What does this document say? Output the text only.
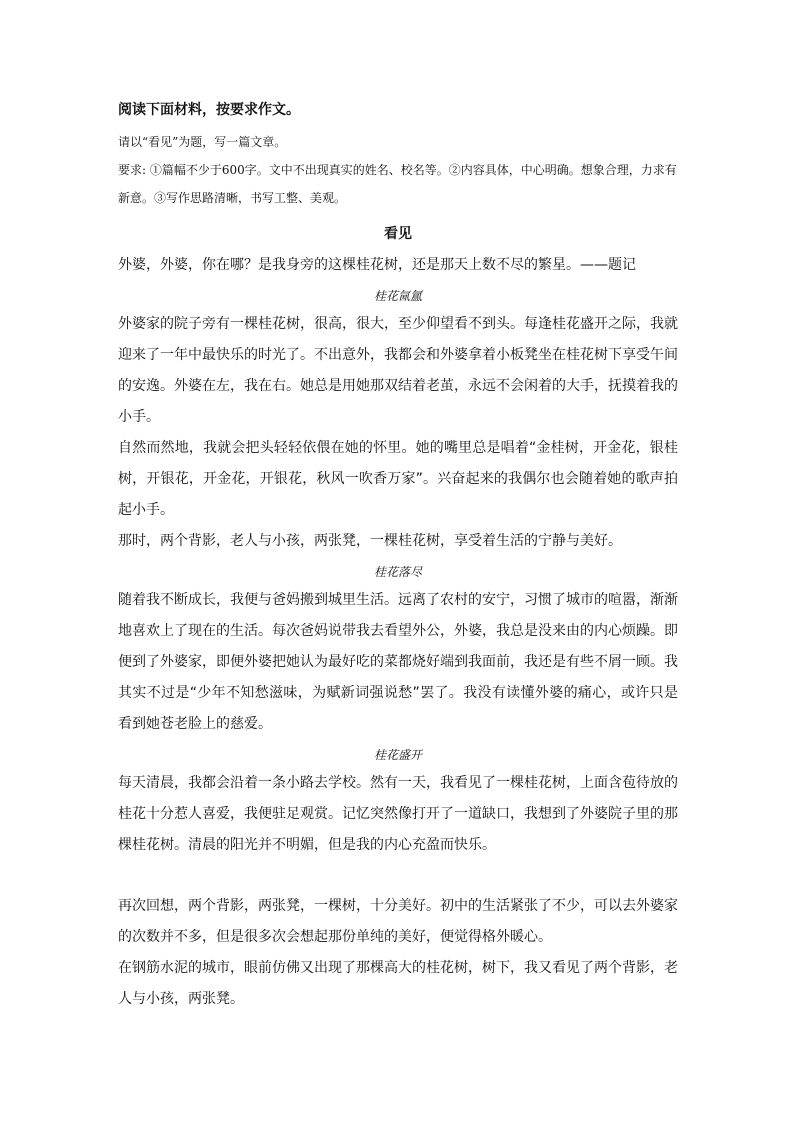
阅读下面材料，按要求作文。

请以“看见”为题，写一篇文章。

要求: ①篇幅不少于600字。文中不出现真实的姓名、校名等。②内容具体，中心明确。想象合理，力求有新意。③写作思路清晰，书写工整、美观。

看见

外婆，外婆，你在哪？是我身旁的这棵桂花树，还是那天上数不尽的繁星。——题记

桂花氤氲

外婆家的院子旁有一棵桂花树，很高，很大，至少仰望看不到头。每逢桂花盛开之际，我就迎来了一年中最快乐的时光了。不出意外，我都会和外婆拿着小板凳坐在桂花树下享受午间的安逸。外婆在左，我在右。她总是用她那双结着老茧，永远不会闲着的大手，抚摸着我的小手。

自然而然地，我就会把头轻轻依偎在她的怀里。她的嘴里总是唱着“金桂树，开金花，银桂树，开银花，开金花，开银花，秋风一吹香万家”。兴奋起来的我偶尔也会随着她的歌声拍起小手。

那时，两个背影，老人与小孩，两张凳，一棵桂花树，享受着生活的宁静与美好。

桂花落尽

随着我不断成长，我便与爸妈搬到城里生活。远离了农村的安宁，习惯了城市的喧嚣，渐渐地喜欢上了现在的生活。每次爸妈说带我去看望外公，外婆，我总是没来由的内心烦躁。即便到了外婆家，即便外婆把她认为最好吃的菜都烧好端到我面前，我还是有些不屑一顾。我其实不过是“少年不知愁滋味，为赋新词强说愁”罢了。我没有读懂外婆的痛心，或许只是看到她苍老脸上的慈爱。

桂花盛开

每天清晨，我都会沿着一条小路去学校。然有一天，我看见了一棵桂花树，上面含苞待放的桂花十分惹人喜爱，我便驻足观赏。记忆突然像打开了一道缺口，我想到了外婆院子里的那棵桂花树。清晨的阳光并不明媚，但是我的内心充盈而快乐。

再次回想，两个背影，两张凳，一棵树，十分美好。初中的生活紧张了不少，可以去外婆家的次数并不多，但是很多次会想起那份单纯的美好，便觉得格外暖心。

在钢筋水泥的城市，眼前仿佛又出现了那棵高大的桂花树，树下，我又看见了两个背影，老人与小孩，两张凳。
